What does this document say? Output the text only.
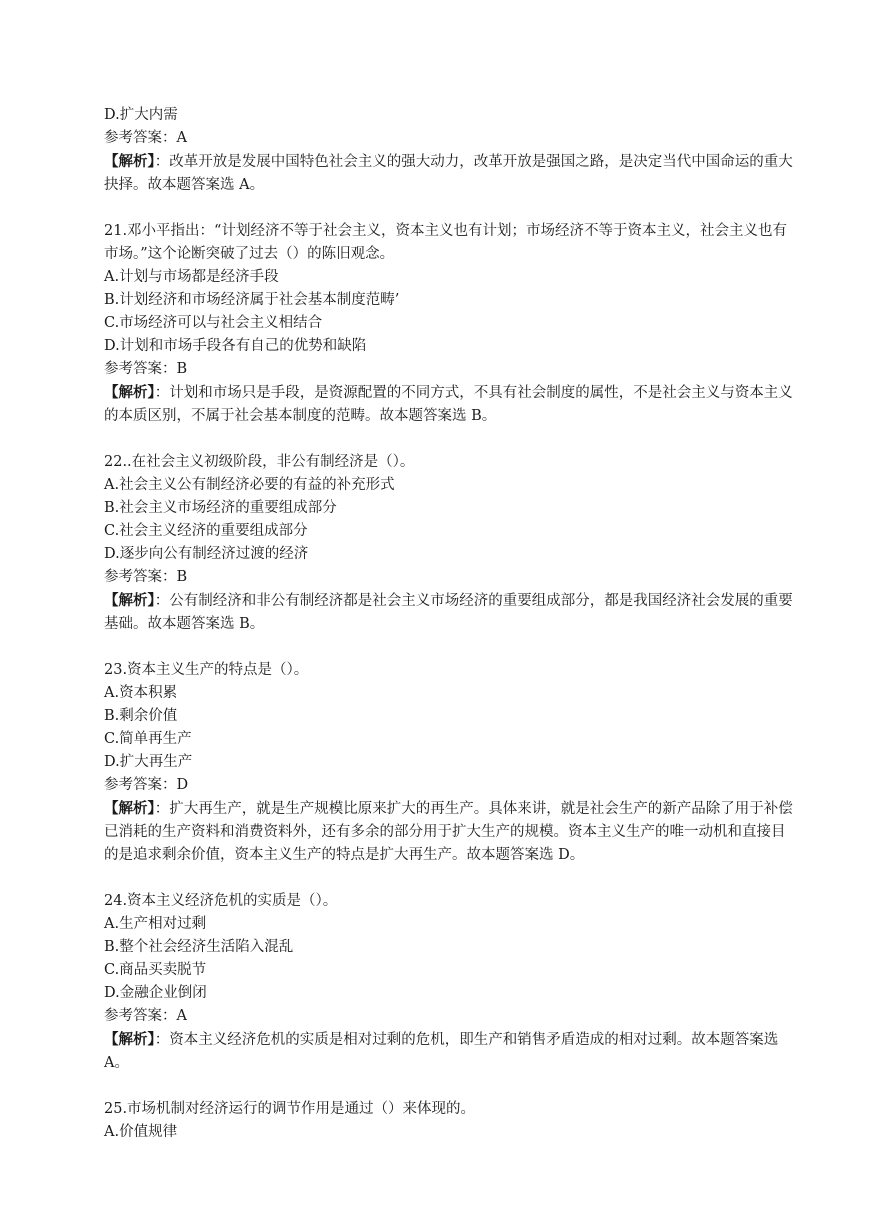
D.扩大内需
参考答案：A
【解析】：改革开放是发展中国特色社会主义的强大动力，改革开放是强国之路，是决定当代中国命运的重大抉择。故本题答案选 A。
21.邓小平指出：“计划经济不等于社会主义，资本主义也有计划；市场经济不等于资本主义，社会主义也有市场。”这个论断突破了过去（）的陈旧观念。
A.计划与市场都是经济手段
B.计划经济和市场经济属于社会基本制度范畴’
C.市场经济可以与社会主义相结合
D.计划和市场手段各有自己的优势和缺陷
参考答案：B
【解析】：计划和市场只是手段，是资源配置的不同方式，不具有社会制度的属性，不是社会主义与资本主义的本质区别，不属于社会基本制度的范畴。故本题答案选 B。
22..在社会主义初级阶段，非公有制经济是（）。
A.社会主义公有制经济必要的有益的补充形式
B.社会主义市场经济的重要组成部分
C.社会主义经济的重要组成部分
D.逐步向公有制经济过渡的经济
参考答案：B
【解析】：公有制经济和非公有制经济都是社会主义市场经济的重要组成部分，都是我国经济社会发展的重要基础。故本题答案选 B。
23.资本主义生产的特点是（）。
A.资本积累
B.剩余价值
C.简单再生产
D.扩大再生产
参考答案：D
【解析】：扩大再生产，就是生产规模比原来扩大的再生产。具体来讲，就是社会生产的新产品除了用于补偿已消耗的生产资料和消费资料外，还有多余的部分用于扩大生产的规模。资本主义生产的唯一动机和直接目的是追求剩余价值，资本主义生产的特点是扩大再生产。故本题答案选 D。
24.资本主义经济危机的实质是（）。
A.生产相对过剩
B.整个社会经济生活陷入混乱
C.商品买卖脱节
D.金融企业倒闭
参考答案：A
【解析】：资本主义经济危机的实质是相对过剩的危机，即生产和销售矛盾造成的相对过剩。故本题答案选 A。
25.市场机制对经济运行的调节作用是通过（）来体现的。
A.价值规律
